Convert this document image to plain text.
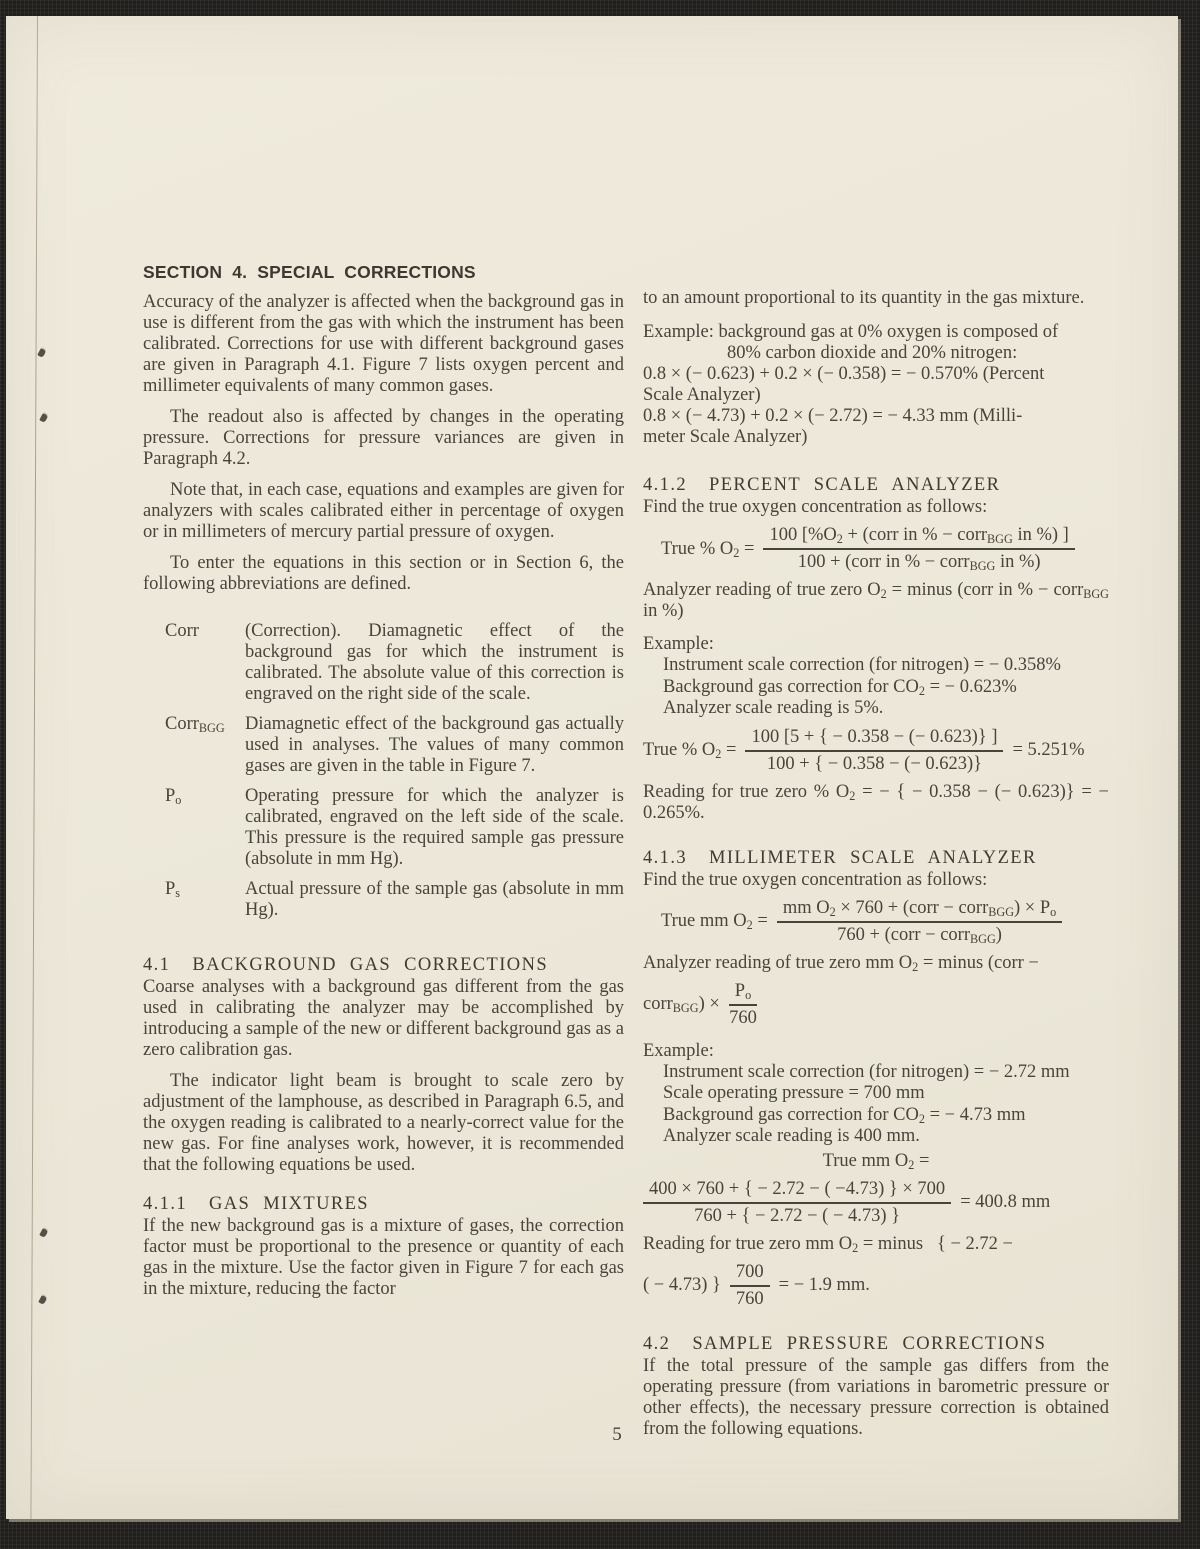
SECTION 4. SPECIAL CORRECTIONS

Accuracy of the analyzer is affected when the background gas in use is different from the gas with which the instrument has been calibrated. Corrections for use with different background gases are given in Paragraph 4.1. Figure 7 lists oxygen percent and millimeter equivalents of many common gases.

The readout also is affected by changes in the operating pressure. Corrections for pressure variances are given in Paragraph 4.2.

Note that, in each case, equations and examples are given for analyzers with scales calibrated either in percentage of oxygen or in millimeters of mercury partial pressure of oxygen.

To enter the equations in this section or in Section 6, the following abbreviations are defined.

Corr	(Correction). Diamagnetic effect of the background gas for which the instrument is calibrated. The absolute value of this correction is engraved on the right side of the scale.
Corr$_{BGG}$	Diamagnetic effect of the background gas actually used in analyses. The values of many common gases are given in the table in Figure 7.
$P_o$	Operating pressure for which the analyzer is calibrated, engraved on the left side of the scale. This pressure is the required sample gas pressure (absolute in mm Hg).
$P_s$	Actual pressure of the sample gas (absolute in mm Hg).
4.1 BACKGROUND GAS CORRECTIONS

Coarse analyses with a background gas different from the gas used in calibrating the analyzer may be accomplished by introducing a sample of the new or different background gas as a zero calibration gas.

The indicator light beam is brought to scale zero by adjustment of the lamphouse, as described in Paragraph 6.5, and the oxygen reading is calibrated to a nearly-correct value for the new gas. For fine analyses work, however, it is recommended that the following equations be used.

4.1.1 GAS MIXTURES

If the new background gas is a mixture of gases, the correction factor must be proportional to the presence or quantity of each gas in the mixture. Use the factor given in Figure 7 for each gas in the mixture, reducing the factor

to an amount proportional to its quantity in the gas mixture.

Example: background gas at 0% oxygen is composed of
80% carbon dioxide and 20% nitrogen:
0.8 × (− 0.623) + 0.2 × (− 0.358) = − 0.570% (Percent
Scale Analyzer)
0.8 × (− 4.73) + 0.2 × (− 2.72) = − 4.33 mm (Milli-
meter Scale Analyzer)
4.1.2 PERCENT SCALE ANALYZER

Find the true oxygen concentration as follows:

True % $O_2 = \frac{100 [\%O_2 + (corr in \% - corr_{BGG} in \%) ]}{100 + (corr in \% - corr_{BGG} in \%)}$

Analyzer reading of true zero $O_2$ = minus (corr in % − corr$_{BGG}$ in %)

Example:
Instrument scale correction (for nitrogen) = − 0.358%
Background gas correction for $CO_2$ = − 0.623%
Analyzer scale reading is 5%.
True % $O_2 = \frac{100 [5 + \{ - 0.358 - (- 0.623)\} ]}{100 + \{ - 0.358 - (- 0.623)\}} = 5.251\%$

Reading for true zero % $O_2$ = − { − 0.358 − (− 0.623)} = − 0.265%.

4.1.3 MILLIMETER SCALE ANALYZER

Find the true oxygen concentration as follows:

True mm $O_2 = \frac{mm O_2 \times 760 + (corr - corr_{BGG}) \times P_o}{760 + (corr - corr_{BGG})}$

Analyzer reading of true zero mm $O_2$ = minus (corr −

corr$_{BGG}$) × $\frac{P_o}{760}$
Example:
Instrument scale correction (for nitrogen) = − 2.72 mm
Scale operating pressure = 700 mm
Background gas correction for $CO_2$ = − 4.73 mm
Analyzer scale reading is 400 mm.
True mm $O_2$ =
$\frac{400 \times 760 + \{ - 2.72 - ( -4.73) \} \times 700}{760 + \{ - 2.72 - ( - 4.73) \}} = 400.8$ mm

Reading for true zero mm $O_2$ = minus   { − 2.72 −

( − 4.73) } $\frac{700}{760}$ = − 1.9 mm.
4.2 SAMPLE PRESSURE CORRECTIONS

If the total pressure of the sample gas differs from the operating pressure (from variations in barometric pressure or other effects), the necessary pressure correction is obtained from the following equations.

5
